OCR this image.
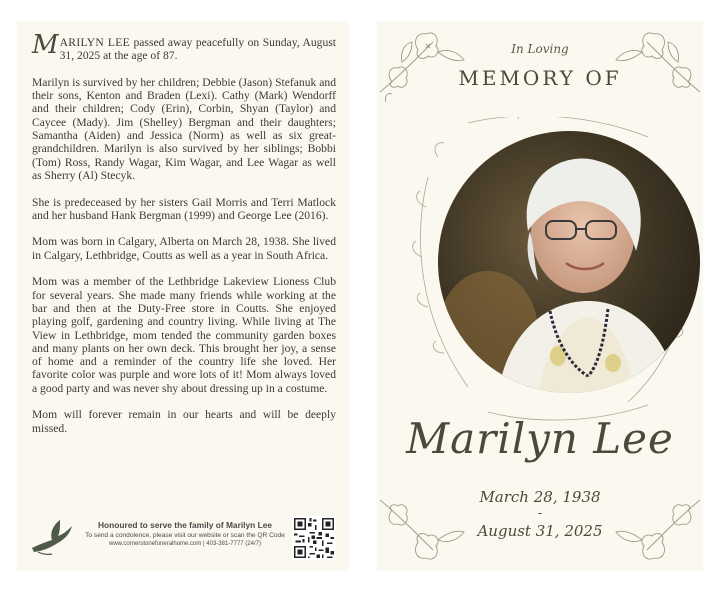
MARILYN LEE passed away peacefully on Sunday, August 31, 2025 at the age of 87.

Marilyn is survived by her children; Debbie (Jason) Stefanuk and their sons, Kenton and Braden (Lexi). Cathy (Mark) Wendorff and their children; Cody (Erin), Corbin, Shyan (Taylor) and Caycee (Mady). Jim (Shelley) Bergman and their daughters; Samantha (Aiden) and Jessica (Norm) as well as six great-grandchildren. Marilyn is also survived by her siblings; Bobbi (Tom) Ross, Randy Wagar, Kim Wagar, and Lee Wagar as well as Sherry (Al) Stecyk.

She is predeceased by her sisters Gail Morris and Terri Matlock and her husband Hank Bergman (1999) and George Lee (2016).

Mom was born in Calgary, Alberta on March 28, 1938. She lived in Calgary, Lethbridge, Coutts as well as a year in South Africa.

Mom was a member of the Lethbridge Lakeview Lioness Club for several years. She made many friends while working at the bar and then at the Duty-Free store in Coutts. She enjoyed playing golf, gardening and country living. While living at The View in Lethbridge, mom tended the community garden boxes and many plants on her own deck. This brought her joy, a sense of home and a reminder of the country life she loved. Her favorite color was purple and wore lots of it! Mom always loved a good party and was never shy about dressing up in a costume.

Mom will forever remain in our hearts and will be deeply missed.

Honoured to serve the family of Marilyn Lee
To send a condolence, please visit our website or scan the QR Code
www.cornerstonefuneralhome.com | 403-381-7777 (24/7)
In Loving
MEMORY OF
Marilyn Lee
March 28, 1938
-
August 31, 2025
